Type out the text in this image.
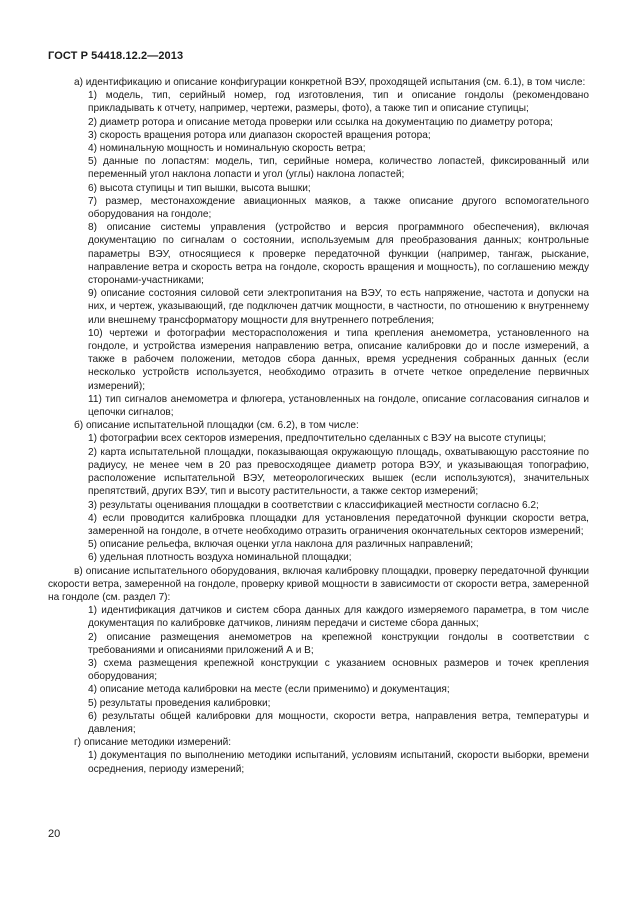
ГОСТ Р 54418.12.2—2013

а) идентификацию и описание конфигурации конкретной ВЭУ, проходящей испытания (см. 6.1), в том числе:

1) модель, тип, серийный номер, год изготовления, тип и описание гондолы (рекомендовано прикладывать к отчету, например, чертежи, размеры, фото), а также тип и описание ступицы;

2) диаметр ротора и описание метода проверки или ссылка на документацию по диаметру ротора;

3) скорость вращения ротора или диапазон скоростей вращения ротора;

4) номинальную мощность и номинальную скорость ветра;

5) данные по лопастям: модель, тип, серийные номера, количество лопастей, фиксированный или переменный угол наклона лопасти и угол (углы) наклона лопастей;

6) высота ступицы и тип вышки, высота вышки;

7) размер, местонахождение авиационных маяков, а также описание другого вспомогательного оборудования на гондоле;

8) описание системы управления (устройство и версия программного обеспечения), включая документацию по сигналам о состоянии, используемым для преобразования данных; контрольные параметры ВЭУ, относящиеся к проверке передаточной функции (например, тангаж, рыскание, направление ветра и скорость ветра на гондоле, скорость вращения и мощность), по соглашению между сторонами-участниками;

9) описание состояния силовой сети электропитания на ВЭУ, то есть напряжение, частота и допуски на них, и чертеж, указывающий, где подключен датчик мощности, в частности, по отношению к внутреннему или внешнему трансформатору мощности для внутреннего потребления;

10) чертежи и фотографии месторасположения и типа крепления анемометра, установленного на гондоле, и устройства измерения направлению ветра, описание калибровки до и после измерений, а также в рабочем положении, методов сбора данных, время усреднения собранных данных (если несколько устройств используется, необходимо отразить в отчете четкое определение первичных измерений);

11) тип сигналов анемометра и флюгера, установленных на гондоле, описание согласования сигналов и цепочки сигналов;

б) описание испытательной площадки (см. 6.2), в том числе:

1) фотографии всех секторов измерения, предпочтительно сделанных с ВЭУ на высоте ступицы;

2) карта испытательной площадки, показывающая окружающую площадь, охватывающую расстояние по радиусу, не менее чем в 20 раз превосходящее диаметр ротора ВЭУ, и указывающая топографию, расположение испытательной ВЭУ, метеорологических вышек (если используются), значительных препятствий, других ВЭУ, тип и высоту растительности, а также сектор измерений;

3) результаты оценивания площадки в соответствии с классификацией местности согласно 6.2;

4) если проводится калибровка площадки для установления передаточной функции скорости ветра, замеренной на гондоле, в отчете необходимо отразить ограничения окончательных секторов измерений;

5) описание рельефа, включая оценки угла наклона для различных направлений;

6) удельная плотность воздуха номинальной площадки;

в) описание испытательного оборудования, включая калибровку площадки, проверку передаточной функции скорости ветра, замеренной на гондоле, проверку кривой мощности в зависимости от скорости ветра, замеренной на гондоле (см. раздел 7):

1) идентификация датчиков и систем сбора данных для каждого измеряемого параметра, в том числе документация по калибровке датчиков, линиям передачи и системе сбора данных;

2) описание размещения анемометров на крепежной конструкции гондолы в соответствии с требованиями и описаниями приложений А и В;

3) схема размещения крепежной конструкции с указанием основных размеров и точек крепления оборудования;

4) описание метода калибровки на месте (если применимо) и документация;

5) результаты проведения калибровки;

6) результаты общей калибровки для мощности, скорости ветра, направления ветра, температуры и давления;

г) описание методики измерений:

1) документация по выполнению методики испытаний, условиям испытаний, скорости выборки, времени осреднения, периоду измерений;

20
